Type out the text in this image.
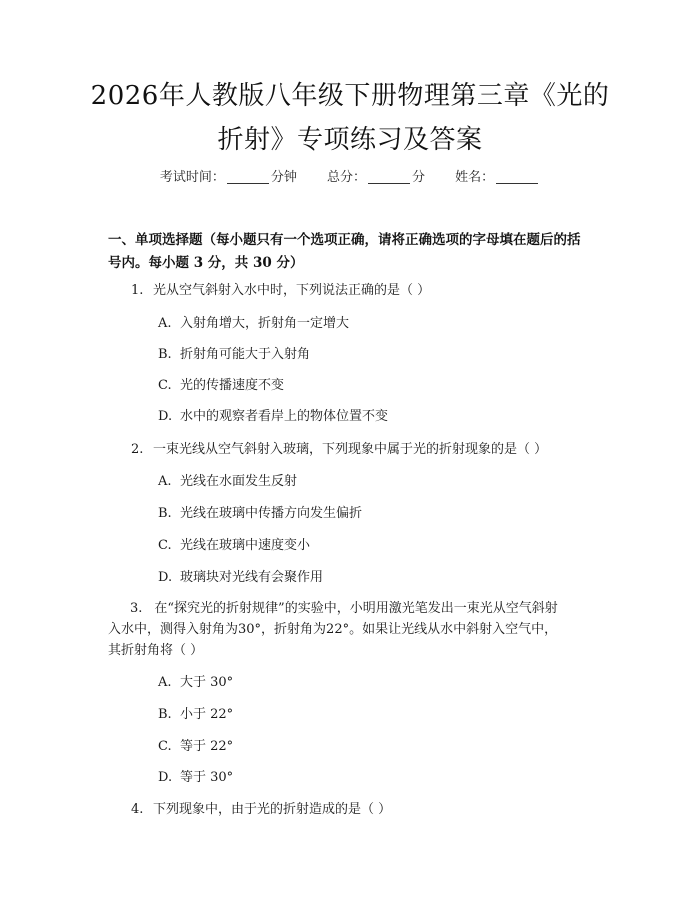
2026年人教版八年级下册物理第三章《光的
折射》专项练习及答案
考试时间：	分钟 总分：	分 姓名：
一、单项选择题（每小题只有一个选项正确，请将正确选项的字母填在题后的括
号内。每小题 3 分，共 30 分）
1. 光从空气斜射入水中时，下列说法正确的是（ ）
A. 入射角增大，折射角一定增大
B. 折射角可能大于入射角
C. 光的传播速度不变
D. 水中的观察者看岸上的物体位置不变
2. 一束光线从空气斜射入玻璃，下列现象中属于光的折射现象的是（ ）
A. 光线在水面发生反射
B. 光线在玻璃中传播方向发生偏折
C. 光线在玻璃中速度变小
D. 玻璃块对光线有会聚作用
3. 在“探究光的折射规律”的实验中，小明用激光笔发出一束光从空气斜射
入水中，测得入射角为30°，折射角为22°。如果让光线从水中斜射入空气中，
其折射角将（ ）
A. 大于 30°
B. 小于 22°
C. 等于 22°
D. 等于 30°
4. 下列现象中，由于光的折射造成的是（ ）
